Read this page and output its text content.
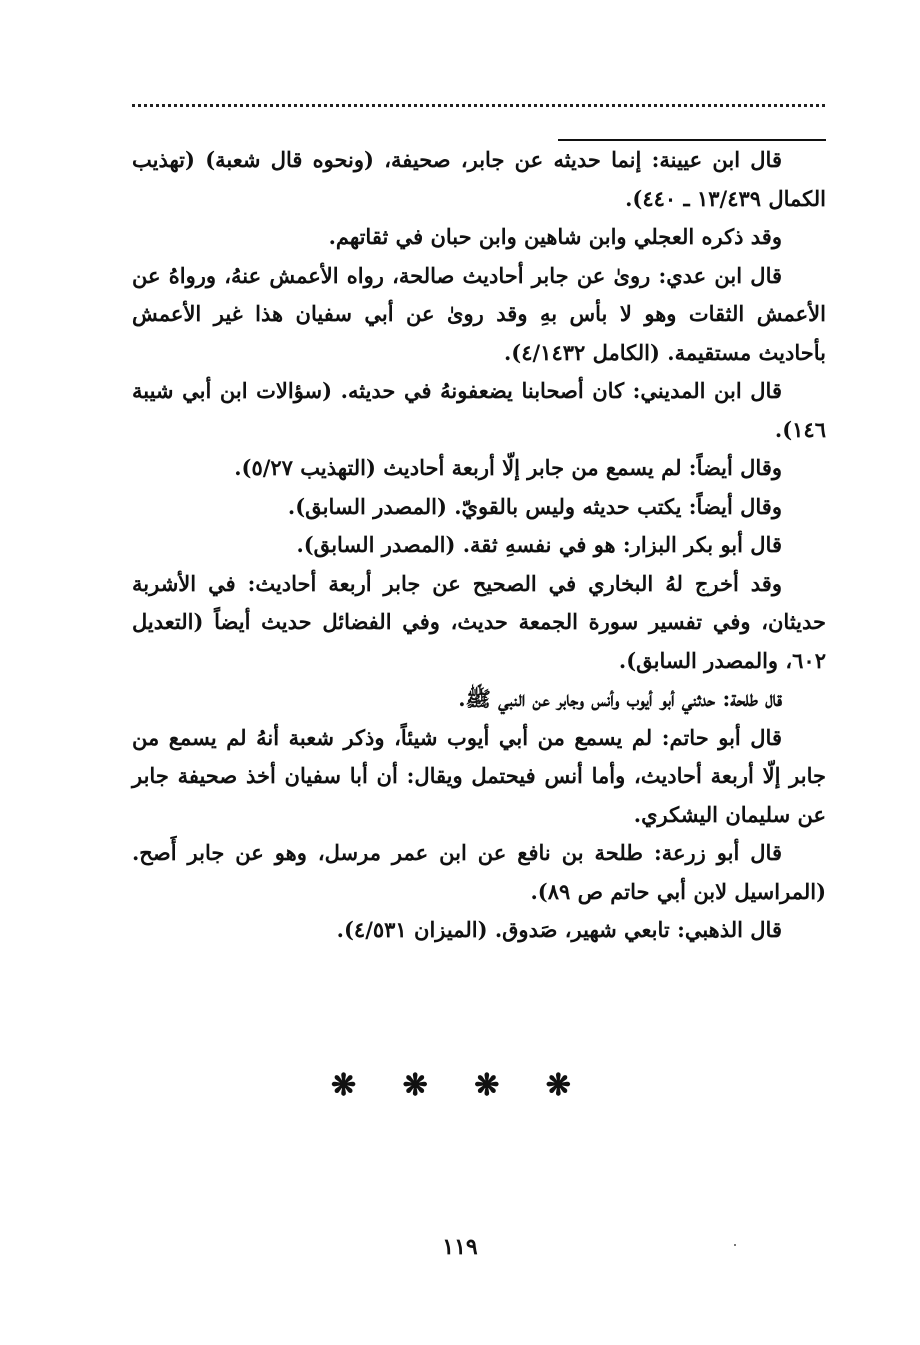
قال ابن عيينة: إنما حديثه عن جابر، صحيفة، (ونحوه قال شعبة) (تهذيب الكمال ١٣/٤٣٩ ـ ٤٤٠).

وقد ذكره العجلي وابن شاهين وابن حبان في ثقاتهم.

قال ابن عدي: روىٰ عن جابر أحاديث صالحة، رواه الأعمش عنهُ، ورواهُ عن الأعمش الثقات وهو لا بأس بهِ وقد روىٰ عن أبي سفيان هذا غير الأعمش بأحاديث مستقيمة. (الكامل ٤/١٤٣٢).

قال ابن المديني: كان أصحابنا يضعفونهُ في حديثه. (سؤالات ابن أبي شيبة ١٤٦).

وقال أيضاً: لم يسمع من جابر إلّا أربعة أحاديث (التهذيب ٥/٢٧).

وقال أيضاً: يكتب حديثه وليس بالقويّ. (المصدر السابق).

قال أبو بكر البزار: هو في نفسهِ ثقة. (المصدر السابق).

وقد أخرج لهُ البخاري في الصحيح عن جابر أربعة أحاديث: في الأشربة حديثان، وفي تفسير سورة الجمعة حديث، وفي الفضائل حديث أيضاً (التعديل ٦٠٢، والمصدر السابق).

قال طلحة: حدثني أبو أيوب وأنس وجابر عن النبي ﷺ.

قال أبو حاتم: لم يسمع من أبي أيوب شيئاً، وذكر شعبة أنهُ لم يسمع من جابر إلّا أربعة أحاديث، وأما أنس فيحتمل ويقال: أن أبا سفيان أخذ صحيفة جابر عن سليمان اليشكري.

قال أبو زرعة: طلحة بن نافع عن ابن عمر مرسل، وهو عن جابر أَصح. (المراسيل لابن أبي حاتم ص ٨٩).

قال الذهبي: تابعي شهير، صَدوق. (الميزان ٤/٥٣١).

❋ ❋ ❋ ❋
١١٩
